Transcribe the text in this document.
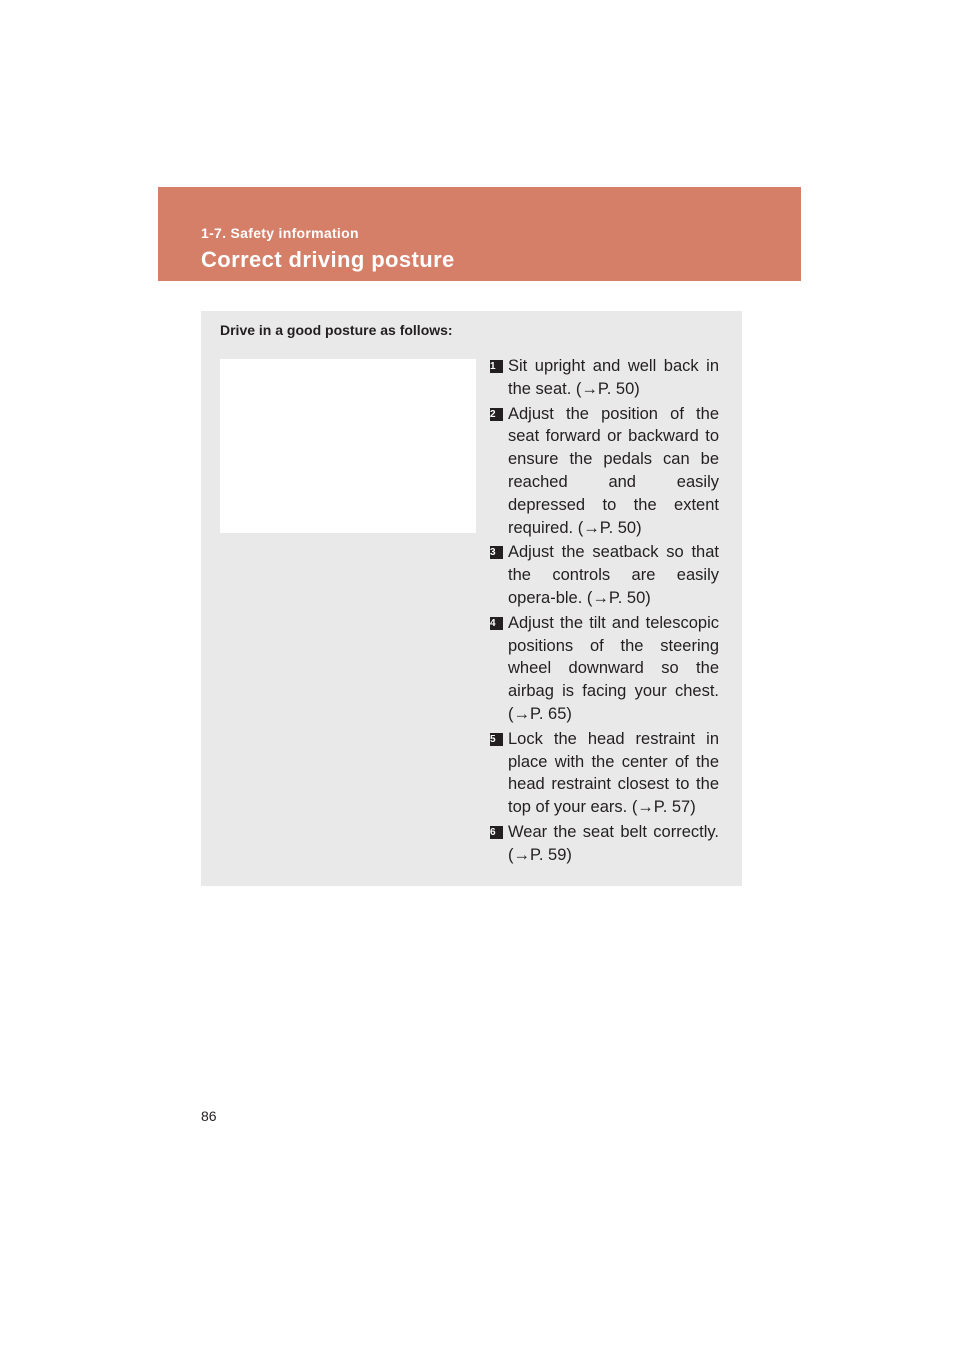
1-7. Safety information
Correct driving posture
Drive in a good posture as follows:
1 Sit upright and well back in the seat. (→P. 50)
2 Adjust the position of the seat forward or backward to ensure the pedals can be reached and easily depressed to the extent required. (→P. 50)
3 Adjust the seatback so that the controls are easily opera-ble. (→P. 50)
4 Adjust the tilt and telescopic positions of the steering wheel downward so the airbag is facing your chest. (→P. 65)
5 Lock the head restraint in place with the center of the head restraint closest to the top of your ears. (→P. 57)
6 Wear the seat belt correctly. (→P. 59)
86
